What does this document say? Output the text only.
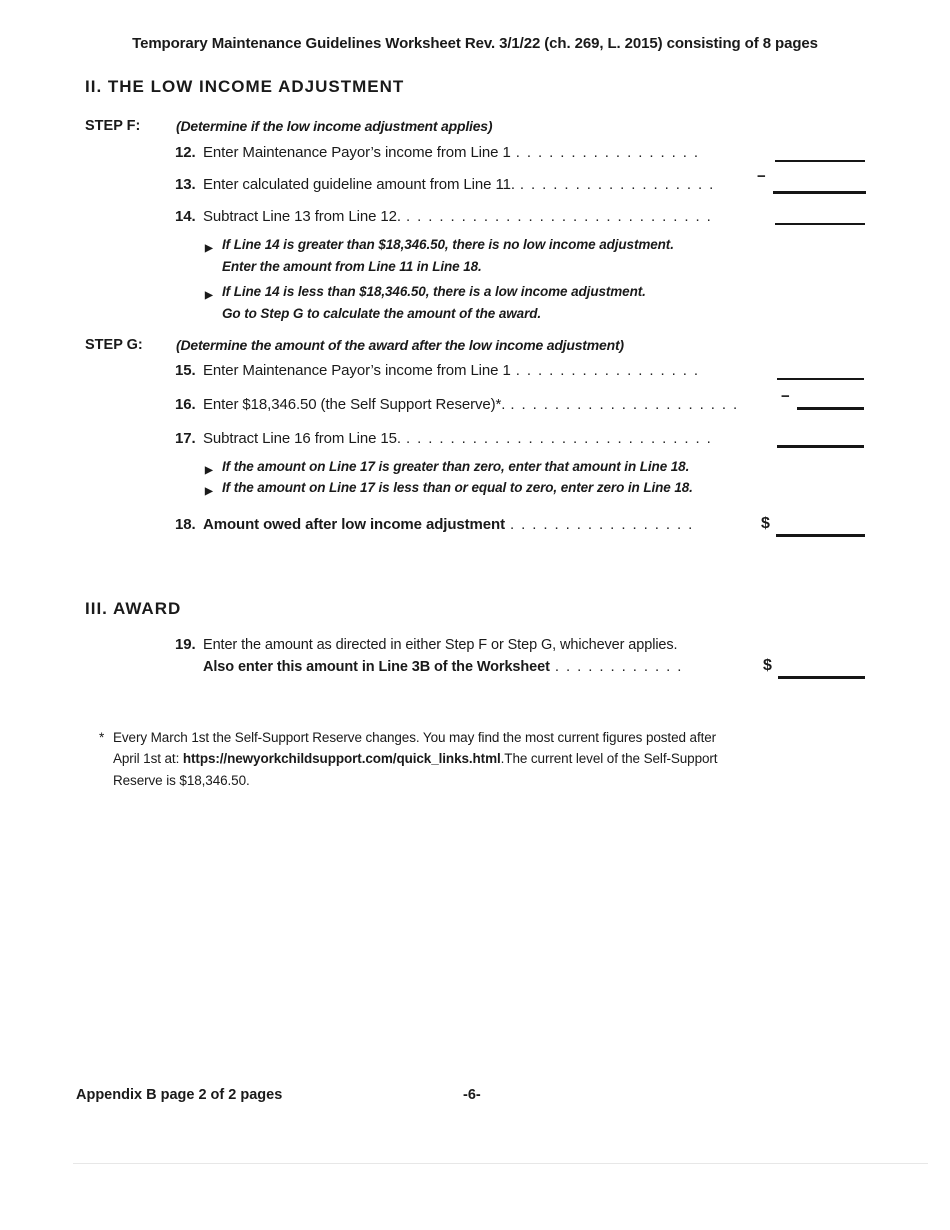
Temporary Maintenance Guidelines Worksheet Rev. 3/1/22 (ch. 269, L. 2015) consisting of 8 pages
II. THE LOW INCOME ADJUSTMENT
STEP F:	(Determine if the low income adjustment applies)
12. Enter Maintenance Payor’s income from Line 1 . . . . . . . . . . . . . . . . .
13. Enter calculated guideline amount from Line 11. . . . . . . . . . . . . . . . . . .	−
14. Subtract Line 13 from Line 12. . . . . . . . . . . . . . . . . . . . . . . . . . . . .
▶ If Line 14 is greater than $18,346.50, there is no low income adjustment.
Enter the amount from Line 11 in Line 18.
▶ If Line 14 is less than $18,346.50, there is a low income adjustment.
Go to Step G to calculate the amount of the award.
STEP G: (Determine the amount of the award after the low income adjustment)
15. Enter Maintenance Payor’s income from Line 1 . . . . . . . . . . . . . . . . .
16. Enter $18,346.50 (the Self Support Reserve)*. . . . . . . . . . . . . . . . . . . . . .	−
17. Subtract Line 16 from Line 15. . . . . . . . . . . . . . . . . . . . . . . . . . . . .
▶ If the amount on Line 17 is greater than zero, enter that amount in Line 18.
▶ If the amount on Line 17 is less than or equal to zero, enter zero in Line 18.
18. Amount owed after low income adjustment . . . . . . . . . . . . . . . . .	$
III. AWARD
19. Enter the amount as directed in either Step F or Step G, whichever applies.
Also enter this amount in Line 3B of the Worksheet . . . . . . . . . . . .	$
* Every March 1st the Self-Support Reserve changes. You may find the most current figures posted after
April 1st at: https://newyorkchildsupport.com/quick_links.html.The current level of the Self-Support
Reserve is $18,346.50.
Appendix B page 2 of 2 pages	-6-
